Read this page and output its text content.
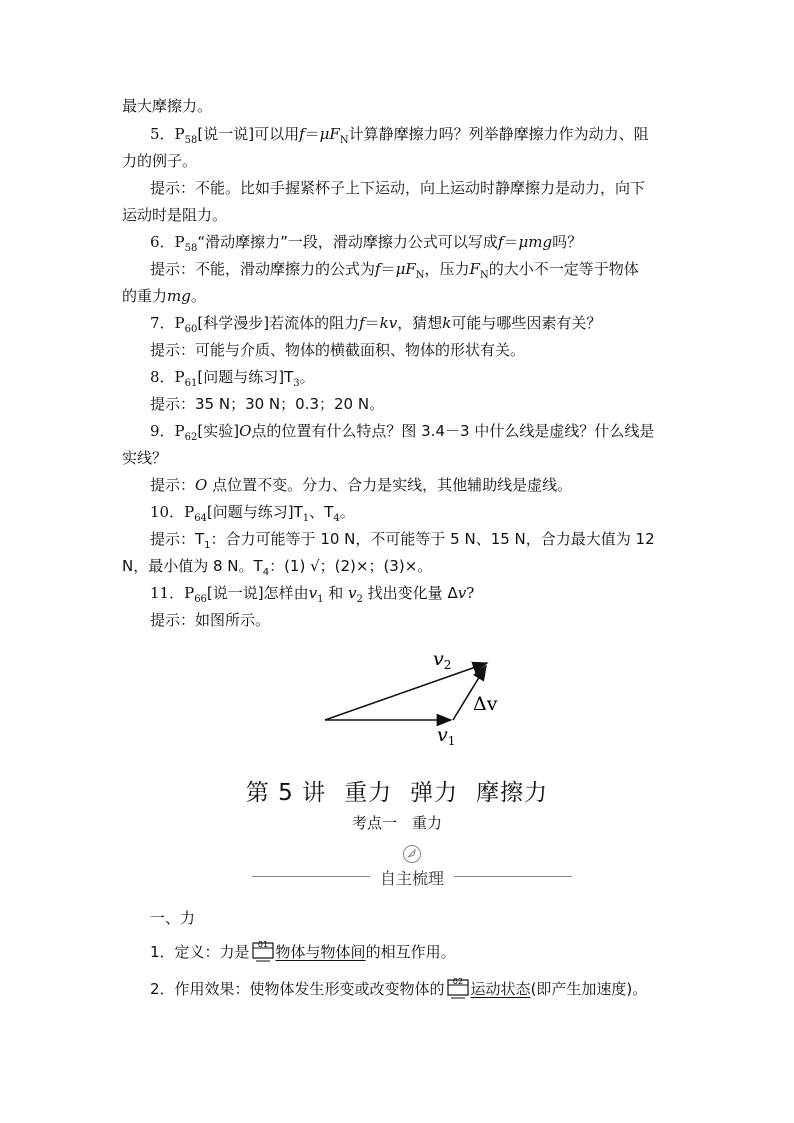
最大摩擦力。
5．$P_{58}$[说一说]可以用$f=\mu F_N$计算静摩擦力吗？列举静摩擦力作为动力、阻
力的例子。
提示：不能。比如手握紧杯子上下运动，向上运动时静摩擦力是动力，向下
运动时是阻力。
6．$P_{58}“$滑动摩擦力”一段，滑动摩擦力公式可以写成f＝μmg吗？
提示：不能，滑动摩擦力的公式为$f=\mu F_N$，压力$F_N$的大小不一定等于物体
的重力mg。
7．$P_{60}$[科学漫步]若流体的阻力f＝kv，猜想k可能与哪些因素有关？
提示：可能与介质、物体的横截面积、物体的形状有关。
8．$P_{61}$[问题与练习]$T_3$。
提示：35 N；30 N；0.3；20 N。
9．$P_{62}$[实验]O点的位置有什么特点？图 3.4－3 中什么线是虚线？什么线是
实线？
提示：O 点位置不变。分力、合力是实线，其他辅助线是虚线。
10．$P_{64}$[问题与练习]$T_1$、$T_4$。
提示：$T_1$：合力可能等于 10 N，不可能等于 5 N、15 N，合力最大值为 12
N，最小值为 8 N。$T_4$：(1) √；(2)×；(3)×。
11．$P_{66}$[说一说]怎样由$v_1$ 和 $v_2$ 找出变化量 Δv?
提示：如图所示。
$v_2$
Δv
$v_1$
第 5 讲 重力 弹力 摩擦力
考点一　重力
自主梳理
一、力
1．定义：力是 01 物体与物体间的相互作用。
2．作用效果：使物体发生形变或改变物体的 02 运动状态(即产生加速度)。
